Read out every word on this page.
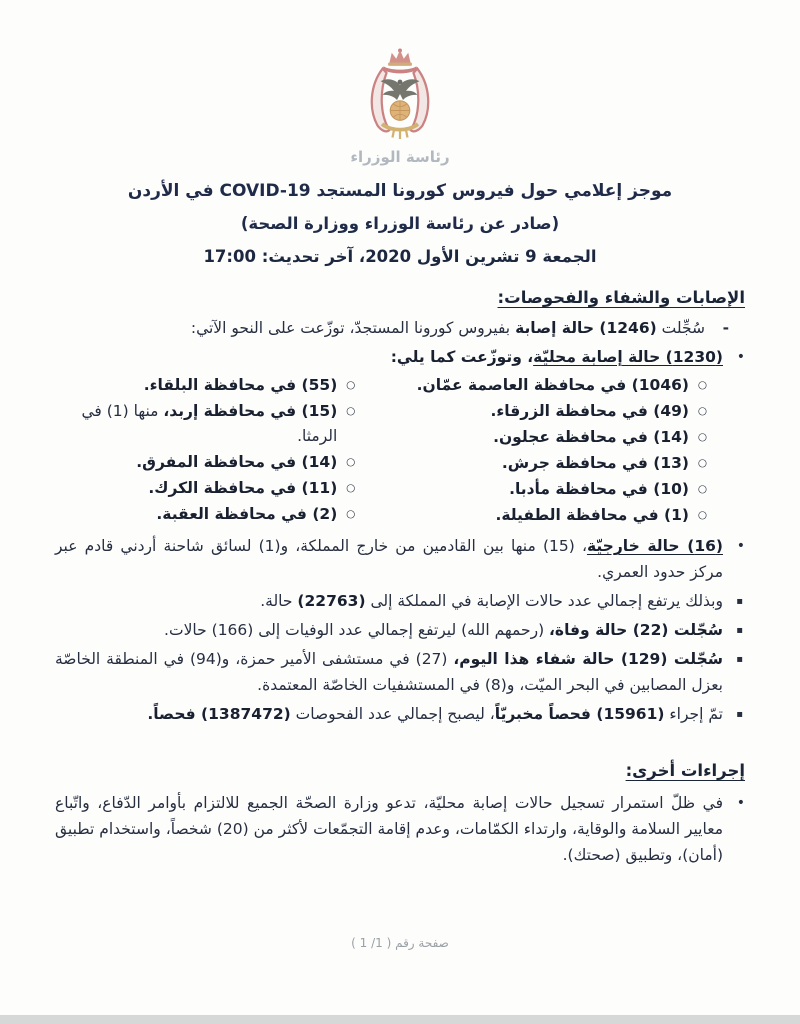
رئاسة الوزراء
موجز إعلامي حول فيروس كورونا المستجد COVID-19 في الأردن
(صادر عن رئاسة الوزراء ووزارة الصحة)
الجمعة 9 تشرين الأول 2020، آخر تحديث: 17:00
الإصابات والشفاء والفحوصات:
-
سُجِّلت (1246) حالة إصابة بفيروس كورونا المستجدّ، توزّعت على النحو الآتي:
•
(1230) حالة إصابة محليّة، وتوزّعت كما يلي:
○
(1046) في محافظة العاصمة عمّان.
○
(49) في محافظة الزرقاء.
○
(14) في محافظة عجلون.
○
(13) في محافظة جرش.
○
(10) في محافظة مأدبا.
○
(1) في محافظة الطفيلة.
○
(55) في محافظة البلقاء.
○
(15) في محافظة إربد، منها (1) في الرمثا.
○
(14) في محافظة المفرق.
○
(11) في محافظة الكرك.
○
(2) في محافظة العقبة.
•
(16) حالة خارجيّة، (15) منها بين القادمين من خارج المملكة، و(1) لسائق شاحنة أردني قادم عبر مركز حدود العمري.
▪
وبذلك يرتفع إجمالي عدد حالات الإصابة في المملكة إلى (22763) حالة.
▪
سُجّلت (22) حالة وفاة، (رحمهم الله) ليرتفع إجمالي عدد الوفيات إلى (166) حالات.
▪
سُجّلت (129) حالة شفاء هذا اليوم، (27) في مستشفى الأمير حمزة، و(94) في المنطقة الخاصّة بعزل المصابين في البحر الميّت، و(8) في المستشفيات الخاصّة المعتمدة.
▪
تمّ إجراء (15961) فحصاً مخبريّاً، ليصبح إجمالي عدد الفحوصات (1387472) فحصاً.
إجراءات أخرى:
•
في ظلّ استمرار تسجيل حالات إصابة محليّة، تدعو وزارة الصحّة الجميع للالتزام بأوامر الدّفاع، واتّباع معايير السلامة والوقاية، وارتداء الكمّامات، وعدم إقامة التجمّعات لأكثر من (20) شخصاً، واستخدام تطبيق (أمان)، وتطبيق (صحتك).
صفحة رقم ( 1/ 1 )
